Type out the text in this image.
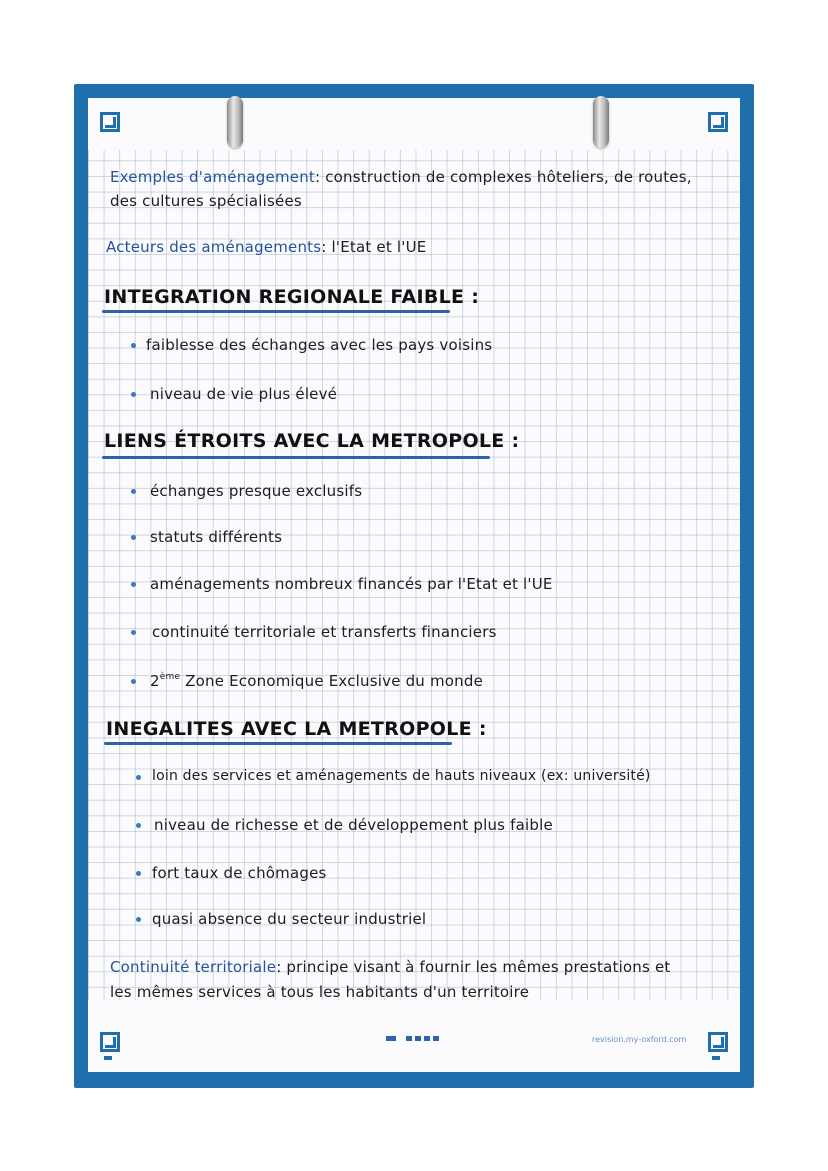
Exemples d'aménagement: construction de complexes hôteliers, de routes,
des cultures spécialisées
Acteurs des aménagements: l'Etat et l'UE
INTEGRATION REGIONALE FAIBLE :
faiblesse des échanges avec les pays voisins
niveau de vie plus élevé
LIENS ÉTROITS AVEC LA METROPOLE :
échanges presque exclusifs
statuts différents
aménagements nombreux financés par l'Etat et l'UE
continuité territoriale et transferts financiers
2ème Zone Economique Exclusive du monde
INEGALITES AVEC LA METROPOLE :
loin des services et aménagements de hauts niveaux (ex: université)
niveau de richesse et de développement plus faible
fort taux de chômages
quasi absence du secteur industriel
Continuité territoriale: principe visant à fournir les mêmes prestations et
les mêmes services à tous les habitants d'un territoire
revision.my-oxford.com
